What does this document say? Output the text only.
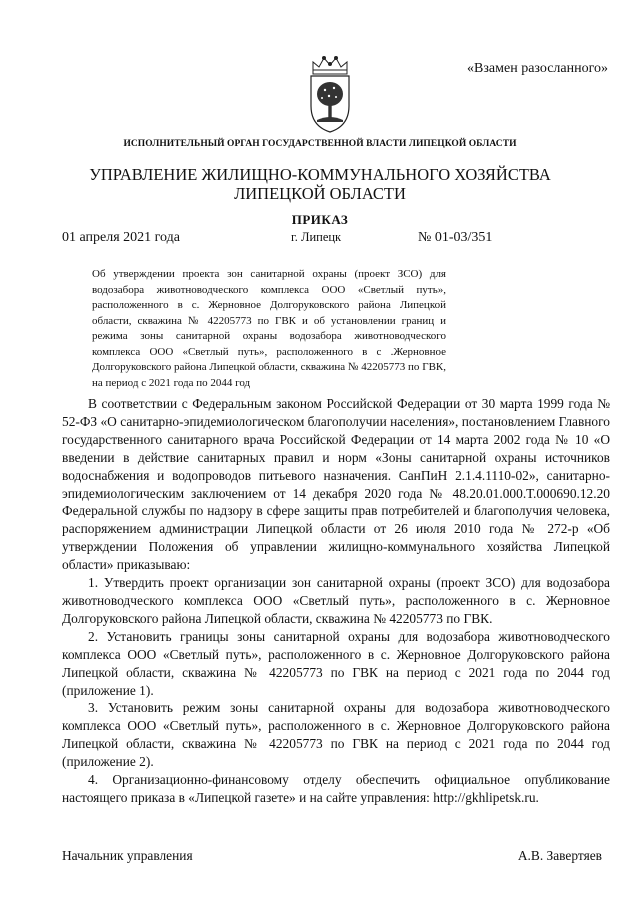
«Взамен разосланного»
ИСПОЛНИТЕЛЬНЫЙ ОРГАН ГОСУДАРСТВЕННОЙ ВЛАСТИ ЛИПЕЦКОЙ ОБЛАСТИ
УПРАВЛЕНИЕ ЖИЛИЩНО-КОММУНАЛЬНОГО ХОЗЯЙСТВА
ЛИПЕЦКОЙ ОБЛАСТИ
ПРИКАЗ
01 апреля 2021 года	г. Липецк	№ 01-03/351
Об утверждении проекта зон санитарной охраны (проект ЗСО) для водозабора животноводческого комплекса ООО «Светлый путь», расположенного в с. Жерновное Долгоруковского района Липецкой области, скважина № 42205773 по ГВК и об установлении границ и режима зоны санитарной охраны водозабора животноводческого комплекса ООО «Светлый путь», расположенного в с .Жерновное Долгоруковского района Липецкой области, скважина № 42205773 по ГВК, на период с 2021 года по 2044 год

В соответствии с Федеральным законом Российской Федерации от 30 марта 1999 года № 52-ФЗ «О санитарно-эпидемиологическом благополучии населения», постановлением Главного государственного санитарного врача Российской Федерации от 14 марта 2002 года № 10 «О введении в действие санитарных правил и норм «Зоны санитарной охраны источников водоснабжения и водопроводов питьевого назначения. СанПиН 2.1.4.1110-02», санитарно-эпидемиологическим заключением от 14 декабря 2020 года № 48.20.01.000.Т.000690.12.20 Федеральной службы по надзору в сфере защиты прав потребителей и благополучия человека, распоряжением администрации Липецкой области от 26 июля 2010 года № 272-р «Об утверждении Положения об управлении жилищно-коммунального хозяйства Липецкой области» приказываю:

1. Утвердить проект организации зон санитарной охраны (проект ЗСО) для водозабора животноводческого комплекса ООО «Светлый путь», расположенного в с. Жерновное Долгоруковского района Липецкой области, скважина № 42205773 по ГВК.

2. Установить границы зоны санитарной охраны для водозабора животноводческого комплекса ООО «Светлый путь», расположенного в с. Жерновное Долгоруковского района Липецкой области, скважина № 42205773 по ГВК на период с 2021 года по 2044 год (приложение 1).

3. Установить режим зоны санитарной охраны для водозабора животноводческого комплекса ООО «Светлый путь», расположенного в с. Жерновное Долгоруковского района Липецкой области, скважина № 42205773 по ГВК на период с 2021 года по 2044 год (приложение 2).

4. Организационно-финансовому отделу обеспечить официальное опубликование настоящего приказа в «Липецкой газете» и на сайте управления: http://gkhlipetsk.ru.

Начальник управления	А.В. Завертяев
